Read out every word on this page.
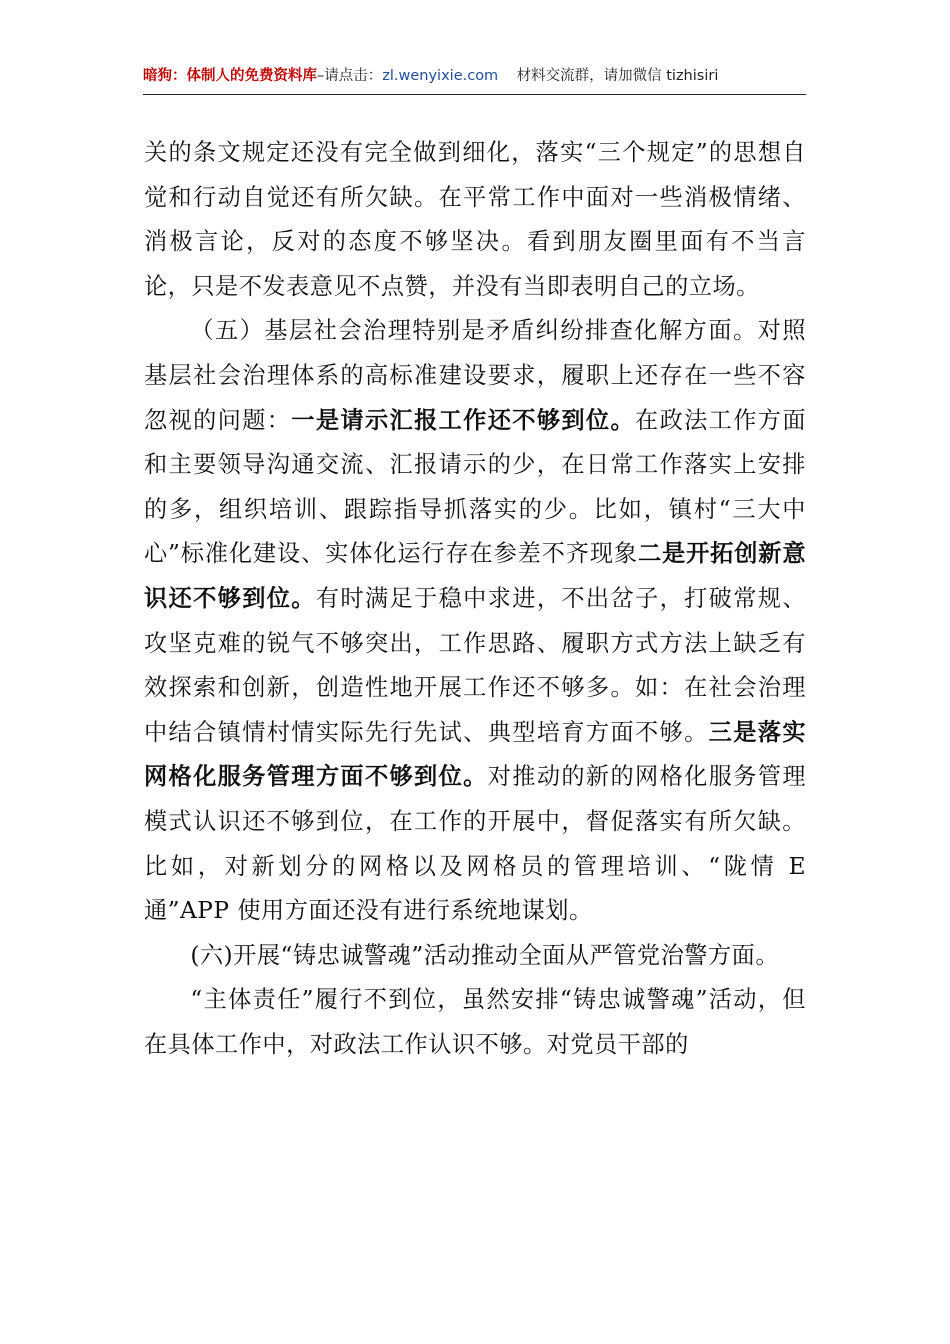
暗狗：体制人的免费资料库–请点击：zl.wenyixie.com 材料交流群，请加微信 tizhisiri

关的条文规定还没有完全做到细化，落实“三个规定”的思想自觉和行动自觉还有所欠缺。在平常工作中面对一些消极情绪、消极言论，反对的态度不够坚决。看到朋友圈里面有不当言论，只是不发表意见不点赞，并没有当即表明自己的立场。

（五）基层社会治理特别是矛盾纠纷排查化解方面。对照基层社会治理体系的高标准建设要求，履职上还存在一些不容忽视的问题：一是请示汇报工作还不够到位。在政法工作方面和主要领导沟通交流、汇报请示的少，在日常工作落实上安排的多，组织培训、跟踪指导抓落实的少。比如，镇村“三大中心”标准化建设、实体化运行存在参差不齐现象二是开拓创新意识还不够到位。有时满足于稳中求进，不出岔子，打破常规、攻坚克难的锐气不够突出，工作思路、履职方式方法上缺乏有效探索和创新，创造性地开展工作还不够多。如：在社会治理中结合镇情村情实际先行先试、典型培育方面不够。三是落实网格化服务管理方面不够到位。对推动的新的网格化服务管理模式认识还不够到位，在工作的开展中，督促落实有所欠缺。比如，对新划分的网格以及网格员的管理培训、“陇情 E 通”APP 使用方面还没有进行系统地谋划。

(六)开展“铸忠诚警魂”活动推动全面从严管党治警方面。

“主体责任”履行不到位，虽然安排“铸忠诚警魂”活动，但在具体工作中，对政法工作认识不够。对党员干部的
